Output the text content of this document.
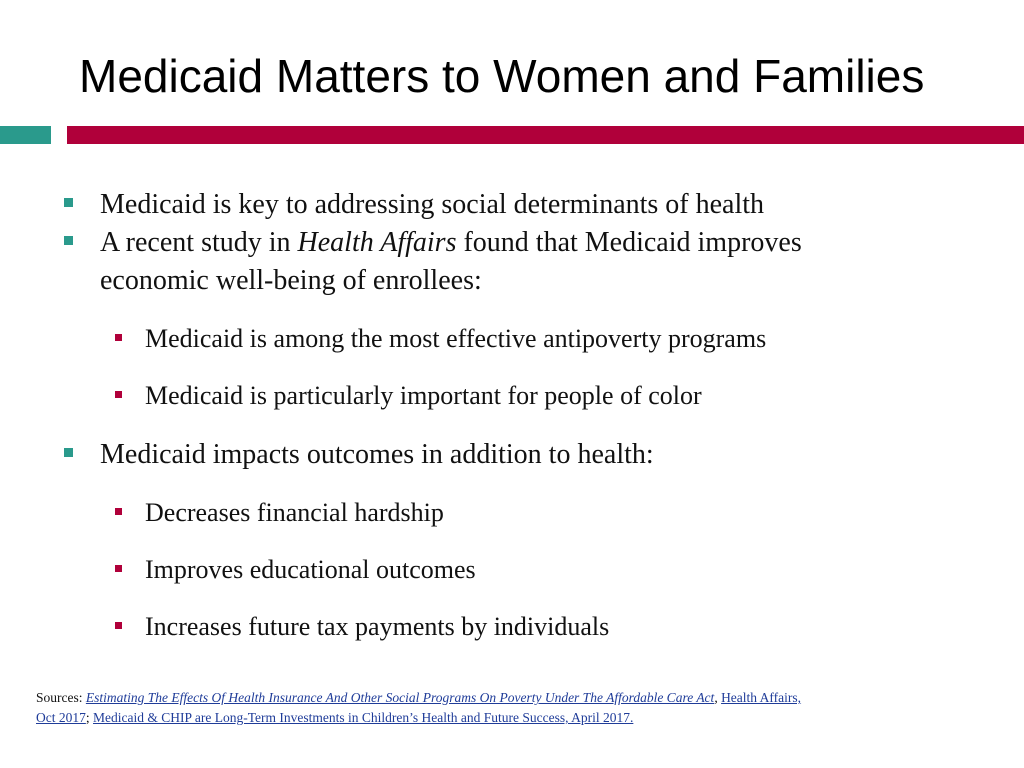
Medicaid Matters to Women and Families
Medicaid is key to addressing social determinants of health
A recent study in Health Affairs found that Medicaid improves
economic well-being of enrollees:
Medicaid is among the most effective antipoverty programs
Medicaid is particularly important for people of color
Medicaid impacts outcomes in addition to health:
Decreases financial hardship
Improves educational outcomes
Increases future tax payments by individuals
Sources: Estimating The Effects Of Health Insurance And Other Social Programs On Poverty Under The Affordable Care Act, Health Affairs,
Oct 2017; Medicaid & CHIP are Long-Term Investments in Children’s Health and Future Success, April 2017.
